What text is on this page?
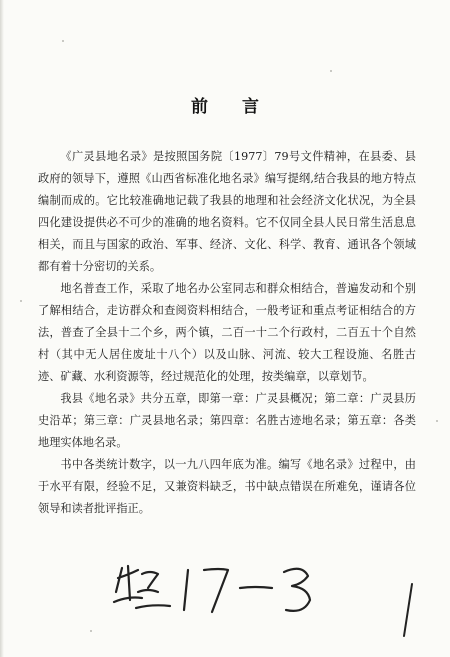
前 言

《广灵县地名录》是按照国务院〔1977〕79号文件精神，在县委、县政府的领导下，遵照《山西省标准化地名录》编写提纲,结合我县的地方特点编制而成的。它比较准确地记载了我县的地理和社会经济文化状况，为全县四化建设提供必不可少的准确的地名资料。它不仅同全县人民日常生活息息相关，而且与国家的政治、军事、经济、文化、科学、教育、通讯各个领域都有着十分密切的关系。

地名普查工作，采取了地名办公室同志和群众相结合，普遍发动和个别了解相结合，走访群众和查阅资料相结合，一般考证和重点考证相结合的方法，普查了全县十二个乡，两个镇，二百一十二个行政村，二百五十个自然村（其中无人居住废址十八个）以及山脉、河流、较大工程设施、名胜古迹、矿藏、水利资源等，经过规范化的处理，按类编章，以章划节。

我县《地名录》共分五章，即第一章：广灵县概况；第二章：广灵县历史沿革；第三章：广灵县地名录；第四章：名胜古迹地名录；第五章：各类地理实体地名录。

书中各类统计数字，以一九八四年底为准。编写《地名录》过程中，由于水平有限，经验不足，又兼资料缺乏，书中缺点错误在所难免，谨请各位领导和读者批评指正。
